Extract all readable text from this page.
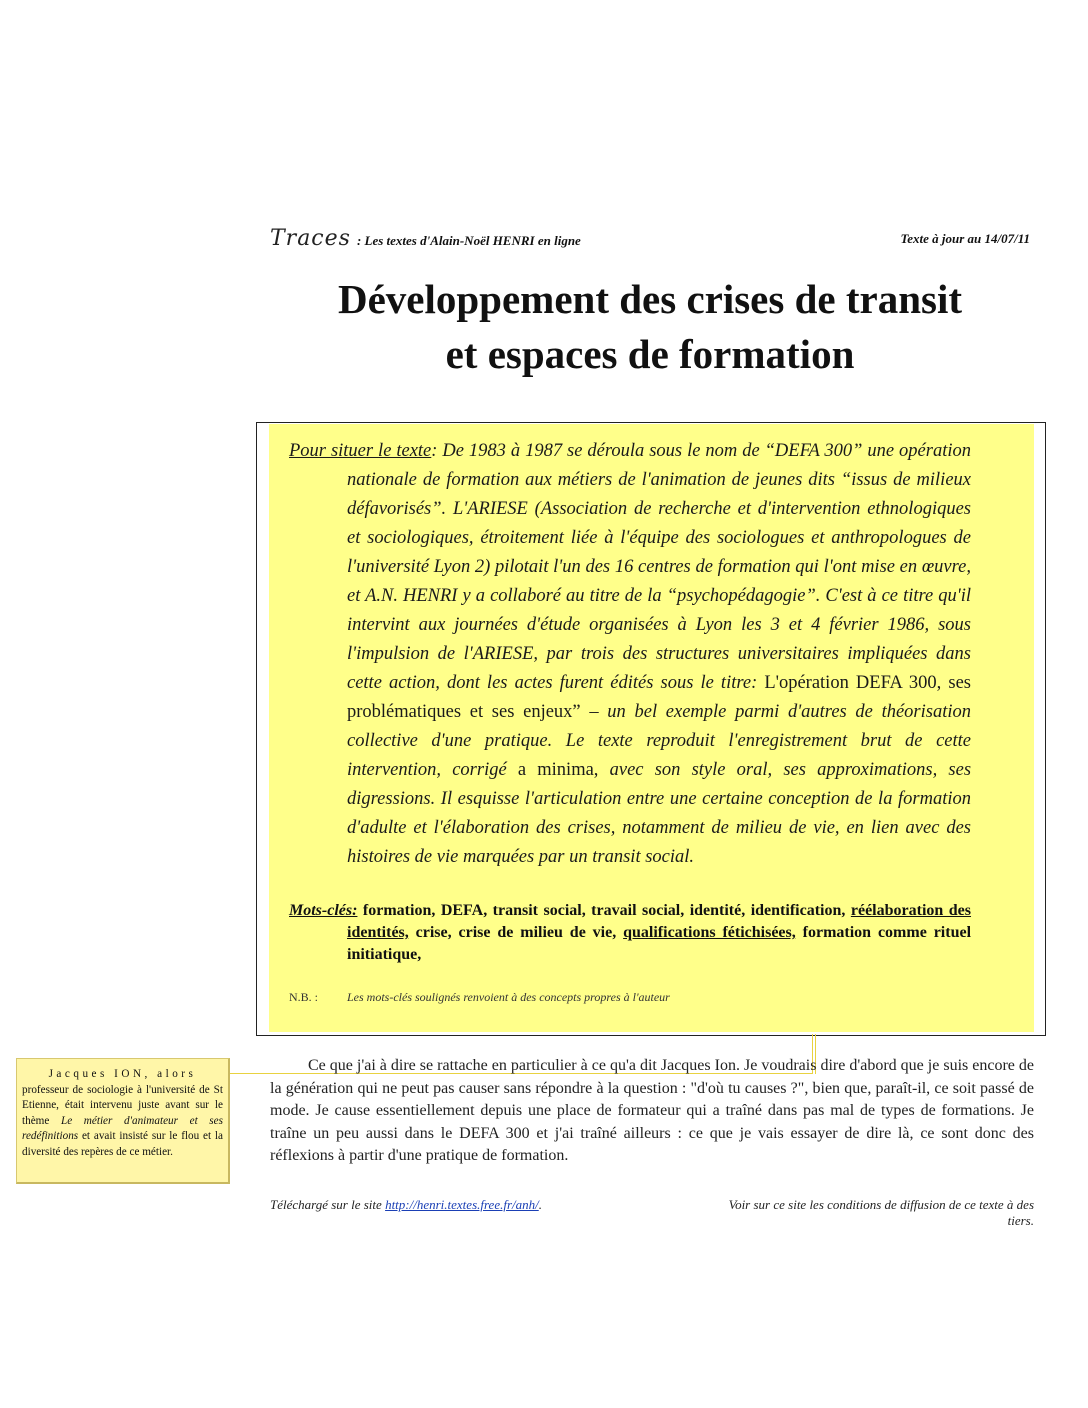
Traces : Les textes d'Alain-Noël HENRI en ligne	Texte à jour au 14/07/11
Développement des crises de transit
et espaces de formation

Pour situer le texte: De 1983 à 1987 se déroula sous le nom de “DEFA 300” une opération nationale de formation aux métiers de l'animation de jeunes dits “issus de milieux défavorisés”. L'ARIESE (Association de recherche et d'intervention ethnologiques et sociologiques, étroitement liée à l'équipe des sociologues et anthropologues de l'université Lyon 2) pilotait l'un des 16 centres de formation qui l'ont mise en œuvre, et A.N. HENRI y a collaboré au titre de la “psychopédagogie”. C'est à ce titre qu'il intervint aux journées d'étude organisées à Lyon les 3 et 4 février 1986, sous l'impulsion de l'ARIESE, par trois des structures universitaires impliquées dans cette action, dont les actes furent édités sous le titre: L'opération DEFA 300, ses problématiques et ses enjeux” – un bel exemple parmi d'autres de théorisation collective d'une pratique. Le texte reproduit l'enregistrement brut de cette intervention, corrigé a minima, avec son style oral, ses approximations, ses digressions. Il esquisse l'articulation entre une certaine conception de la formation d'adulte et l'élaboration des crises, notamment de milieu de vie, en lien avec des histoires de vie marquées par un transit social.

Mots-clés: formation, DEFA, transit social, travail social, identité, identification, réélaboration des identités, crise, crise de milieu de vie, qualifications fétichisées, formation comme rituel initiatique,

N.B. : Les mots-clés soulignés renvoient à des concepts propres à l'auteur
Jacques ION, alors
professeur de sociologie à l'université de St Etienne, était intervenu juste avant sur le thème Le métier d'animateur et ses redéfinitions et avait insisté sur le flou et la diversité des repères de ce métier.

Ce que j'ai à dire se rattache en particulier à ce qu'a dit Jacques Ion. Je voudrais dire d'abord que je suis encore de la génération qui ne peut pas causer sans répondre à la question : "d'où tu causes ?", bien que, paraît-il, ce soit passé de mode. Je cause essentiellement depuis une place de formateur qui a traîné dans pas mal de types de formations. Je traîne un peu aussi dans le DEFA 300 et j'ai traîné ailleurs : ce que je vais essayer de dire là, ce sont donc des réflexions à partir d'une pratique de formation.

Téléchargé sur le site http://henri.textes.free.fr/anh/.	Voir sur ce site les conditions de diffusion de ce texte à des tiers.
